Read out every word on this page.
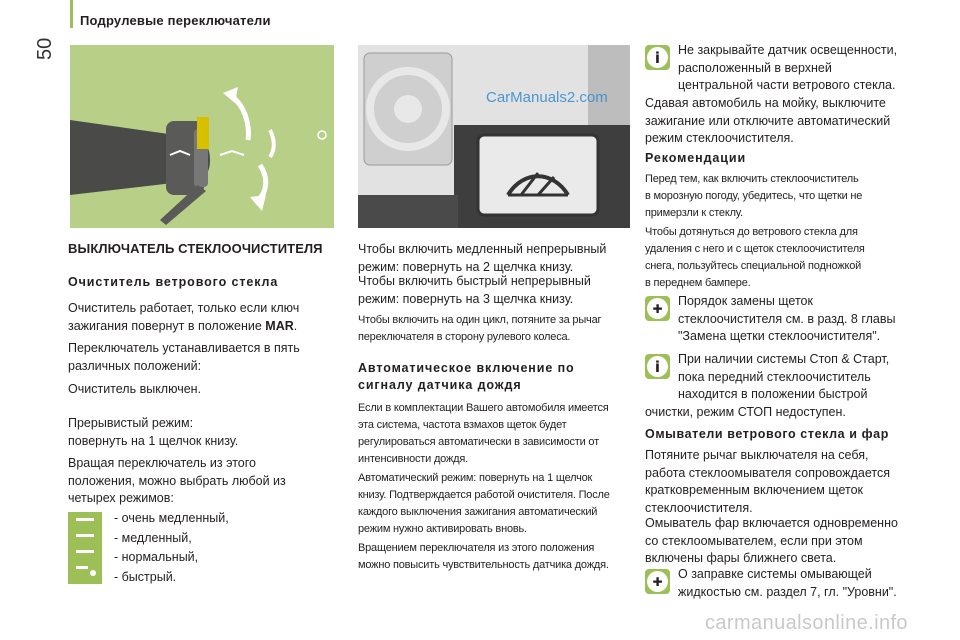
Подрулевые переключатели
50
ВЫКЛЮЧАТЕЛЬ СТЕКЛООЧИСТИТЕЛЯ
Очиститель ветрового стекла

Очиститель работает, только если ключ

зажигания повернут в положение MAR.

Переключатель устанавливается в пять

различных положений:

Очиститель выключен.

Прерывистый режим:

повернуть на 1 щелчок книзу.

Вращая переключатель из этого

положения, можно выбрать любой из

четырех режимов:

- очень медленный,
- медленный,
- нормальный,
- быстрый.
CarManuals2.com

Чтобы включить медленный непрерывный

режим: повернуть на 2 щелчка книзу.

Чтобы включить быстрый непрерывный

режим: повернуть на 3 щелчка книзу.

Чтобы включить на один цикл, потяните за рычаг

переключателя в сторону рулевого колеса.

Автоматическое включение по

сигналу датчика дождя

Если в комплектации Вашего автомобиля имеется

эта система, частота взмахов щеток будет

регулироваться автоматически в зависимости от

интенсивности дождя.

Автоматический режим: повернуть на 1 щелчок

книзу. Подтверждается работой очистителя. После

каждого выключения зажигания автоматический

режим нужно активировать вновь.

Вращением переключателя из этого положения

можно повысить чувствительность датчика дождя.

i	Не закрывайте датчик освещенности,

расположенный в верхней

центральной части ветрового стекла.

Сдавая автомобиль на мойку, выключите

зажигание или отключите автоматический

режим стеклоочистителя.

Рекомендации

Перед тем, как включить стеклоочиститель

в морозную погоду, убедитесь, что щетки не

примерзли к стеклу.

Чтобы дотянуться до ветрового стекла для

удаления с него и с щеток стеклоочистителя

снега, пользуйтесь специальной подножкой

в переднем бампере.

✚

Порядок замены щеток

стеклоочистителя см. в разд. 8 главы

"Замена щетки стеклоочистителя".

i	При наличии системы Стоп & Старт,

пока передний стеклоочиститель

находится в положении быстрой

очистки, режим СТОП недоступен.

Омыватели ветрового стекла и фар

Потяните рычаг выключателя на себя,

работа стеклоомывателя сопровождается

кратковременным включением щеток

стеклоочистителя.

Омыватель фар включается одновременно

со стеклоомывателем, если при этом

включены фары ближнего света.

✚

О заправке системы омывающей

жидкостью см. раздел 7, гл. "Уровни".

carmanualsonline.info
